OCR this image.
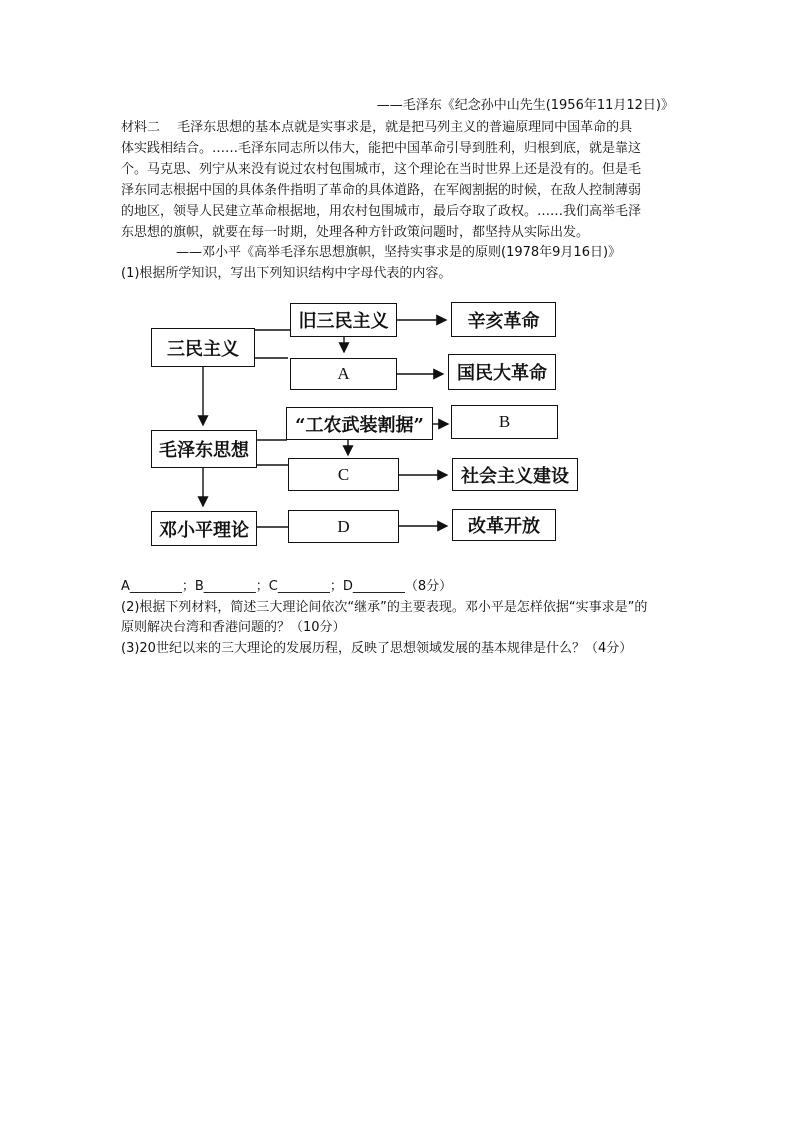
——毛泽东《纪念孙中山先生(1956年11月12日)》
材料二　 毛泽东思想的基本点就是实事求是，就是把马列主义的普遍原理同中国革命的具
体实践相结合。……毛泽东同志所以伟大，能把中国革命引导到胜利，归根到底，就是靠这
个。马克思、列宁从来没有说过农村包围城市，这个理论在当时世界上还是没有的。但是毛
泽东同志根据中国的具体条件指明了革命的具体道路，在军阀割据的时候，在敌人控制薄弱
的地区，领导人民建立革命根据地，用农村包围城市，最后夺取了政权。……我们高举毛泽
东思想的旗帜，就要在每一时期，处理各种方针政策问题时，都坚持从实际出发。
——邓小平《高举毛泽东思想旗帜，坚持实事求是的原则(1978年9月16日)》
(1)根据所学知识，写出下列知识结构中字母代表的内容。
三民主义
旧三民主义	辛亥革命
A	国民大革命
毛泽东思想
“工农武装割据”	B
C	社会主义建设
邓小平理论	D	改革开放
A________；B________；C________；D________（8分）
(2)根据下列材料，简述三大理论间依次“继承”的主要表现。邓小平是怎样依据“实事求是”的
原则解决台湾和香港问题的？（10分）
(3)20世纪以来的三大理论的发展历程，反映了思想领域发展的基本规律是什么？（4分）
